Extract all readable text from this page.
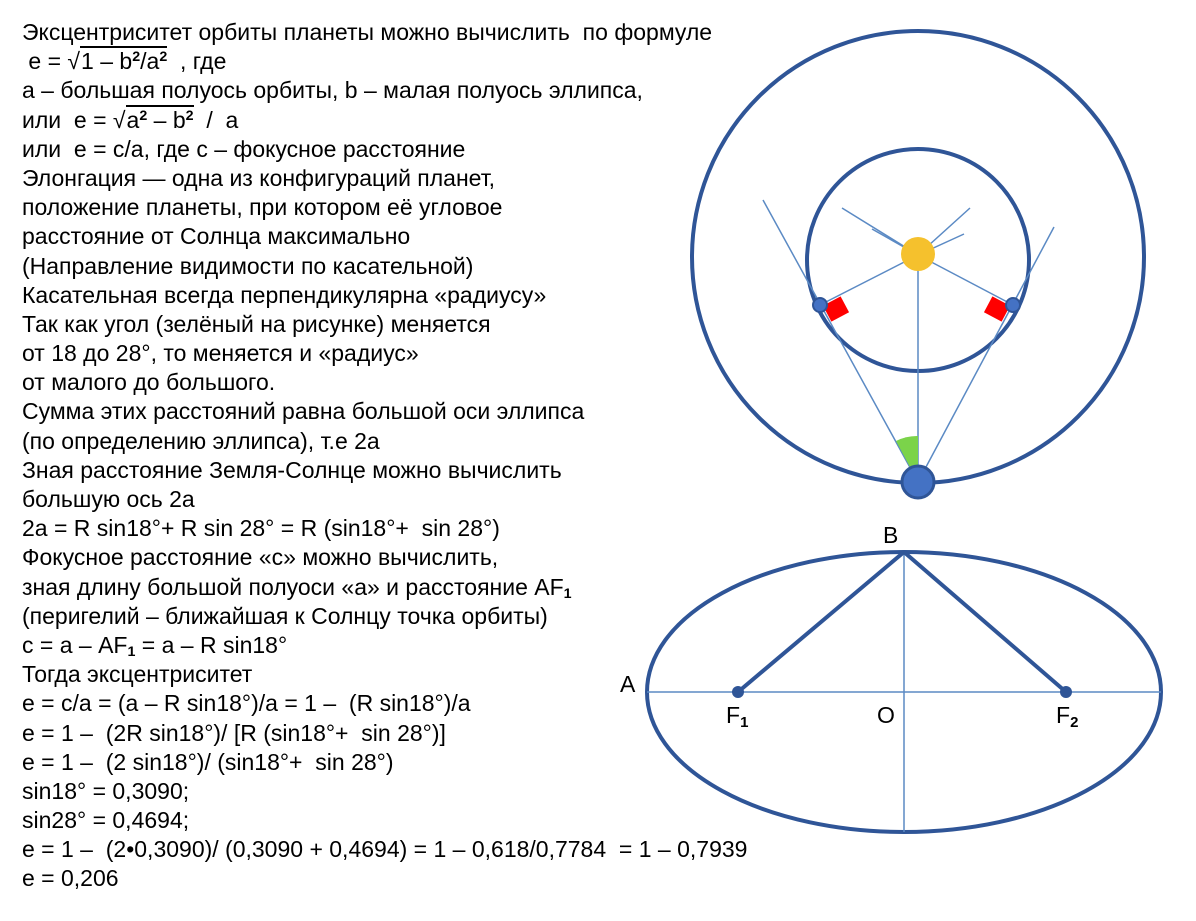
Эксцентриситет орбиты планеты можно вычислить  по формуле
$е = √1 - b^2/a^2$  , где
а – большая полуось орбиты, b – малая полуось эллипса,
или  $е = √a^2 - b^2 / a$
или  е = с/а, где с – фокусное расстояние
Элонгация — одна из конфигураций планет,
положение планеты, при котором её угловое
расстояние от Солнца максимально
(Направление видимости по касательной)
Касательная всегда перпендикулярна «радиусу»
Так как угол (зелёный на рисунке) меняется
от 18 до 28°, то меняется и «радиус»
от малого до большого.
Сумма этих расстояний равна большой оси эллипса
(по определению эллипса), т.е 2а
Зная расстояние Земля-Солнце можно вычислить
большую ось 2а
2а = R sin18°+ R sin 28° = R (sin18°+  sin 28°)
Фокусное расстояние «с» можно вычислить,
зная длину большой полуоси «а» и расстояние $AF_1$
(перигелий – ближайшая к Солнцу точка орбиты)
$с = а - AF_1 = а - R$ sin18°
Тогда эксцентриситет
е = с/а = (а – R sin18°)/а = 1 –  (R sin18°)/а
е = 1 –  (2R sin18°)/ [R (sin18°+  sin 28°)]
е = 1 –  (2 sin18°)/ (sin18°+  sin 28°)
sin18° = 0,3090;
sin28° = 0,4694;
е = 1 –  (2•0,3090)/ (0,3090 + 0,4694) = 1 – 0,618/0,7784  = 1 – 0,7939
е = 0,206
B
A
O
F1	F2
